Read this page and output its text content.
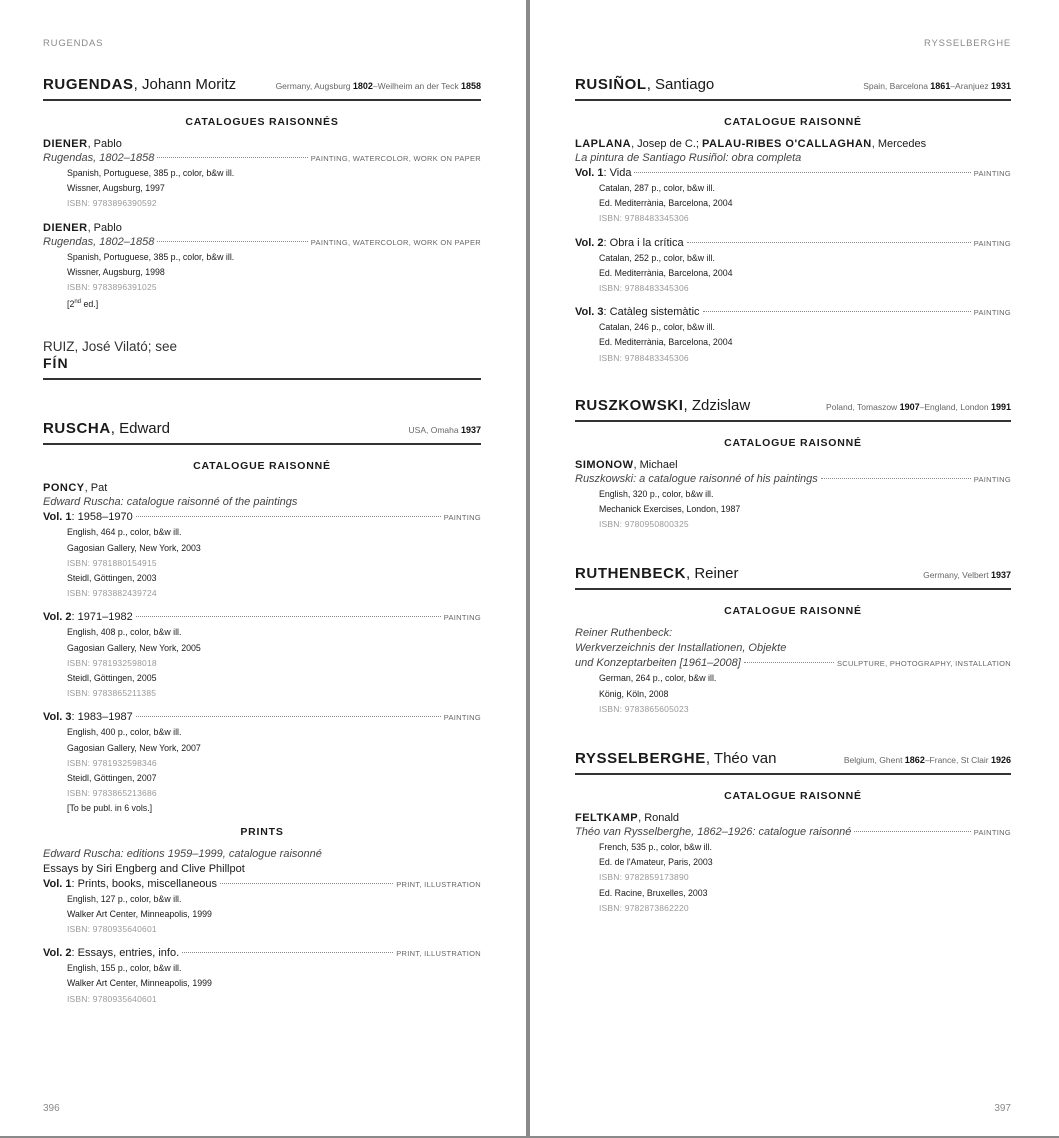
RUGENDAS
RUGENDAS, Johann Moritz	Germany, Augsburg 1802–Weilheim an der Teck 1858
CATALOGUES RAISONNÉS
DIENER, Pablo
Rugendas, 1802–1858	PAINTING, WATERCOLOR, WORK ON PAPER
Spanish, Portuguese, 385 p., color, b&w ill.
Wissner, Augsburg, 1997
ISBN: 9783896390592
DIENER, Pablo
Rugendas, 1802–1858	PAINTING, WATERCOLOR, WORK ON PAPER
Spanish, Portuguese, 385 p., color, b&w ill.
Wissner, Augsburg, 1998
ISBN: 9783896391025
[2nd ed.]
RUIZ, José Vilató; see
FÍN
RUSCHA, Edward	USA, Omaha 1937
CATALOGUE RAISONNÉ
PONCY, Pat
Edward Ruscha: catalogue raisonné of the paintings
Vol. 1: 1958–1970	PAINTING
English, 464 p., color, b&w ill.
Gagosian Gallery, New York, 2003
ISBN: 9781880154915
Steidl, Göttingen, 2003
ISBN: 9783882439724
Vol. 2: 1971–1982	PAINTING
English, 408 p., color, b&w ill.
Gagosian Gallery, New York, 2005
ISBN: 9781932598018
Steidl, Göttingen, 2005
ISBN: 9783865211385
Vol. 3: 1983–1987	PAINTING
English, 400 p., color, b&w ill.
Gagosian Gallery, New York, 2007
ISBN: 9781932598346
Steidl, Göttingen, 2007
ISBN: 9783865213686
[To be publ. in 6 vols.]
PRINTS
Edward Ruscha: editions 1959–1999, catalogue raisonné
Essays by Siri Engberg and Clive Phillpot
Vol. 1: Prints, books, miscellaneous	PRINT, ILLUSTRATION
English, 127 p., color, b&w ill.
Walker Art Center, Minneapolis, 1999
ISBN: 9780935640601
Vol. 2: Essays, entries, info.	PRINT, ILLUSTRATION
English, 155 p., color, b&w ill.
Walker Art Center, Minneapolis, 1999
ISBN: 9780935640601
396
RYSSELBERGHE
RUSIÑOL, Santiago	Spain, Barcelona 1861–Aranjuez 1931
CATALOGUE RAISONNÉ
LAPLANA, Josep de C.; PALAU-RIBES O'CALLAGHAN, Mercedes
La pintura de Santiago Rusiñol: obra completa
Vol. 1: Vida	PAINTING
Catalan, 287 p., color, b&w ill.
Ed. Mediterrània, Barcelona, 2004
ISBN: 9788483345306
Vol. 2: Obra i la crítica	PAINTING
Catalan, 252 p., color, b&w ill.
Ed. Mediterrània, Barcelona, 2004
ISBN: 9788483345306
Vol. 3: Catàleg sistemàtic	PAINTING
Catalan, 246 p., color, b&w ill.
Ed. Mediterrània, Barcelona, 2004
ISBN: 9788483345306
RUSZKOWSKI, Zdzislaw	Poland, Tomaszow 1907–England, London 1991
CATALOGUE RAISONNÉ
SIMONOW, Michael
Ruszkowski: a catalogue raisonné of his paintings	PAINTING
English, 320 p., color, b&w ill.
Mechanick Exercises, London, 1987
ISBN: 9780950800325
RUTHENBECK, Reiner	Germany, Velbert 1937
CATALOGUE RAISONNÉ
Reiner Ruthenbeck:
Werkverzeichnis der Installationen, Objekte
und Konzeptarbeiten [1961–2008]	SCULPTURE, PHOTOGRAPHY, INSTALLATION
German, 264 p., color, b&w ill.
König, Köln, 2008
ISBN: 9783865605023
RYSSELBERGHE, Théo van	Belgium, Ghent 1862–France, St Clair 1926
CATALOGUE RAISONNÉ
FELTKAMP, Ronald
Théo van Rysselberghe, 1862–1926: catalogue raisonné	PAINTING
French, 535 p., color, b&w ill.
Ed. de l'Amateur, Paris, 2003
ISBN: 9782859173890
Ed. Racine, Bruxelles, 2003
ISBN: 9782873862220
397
